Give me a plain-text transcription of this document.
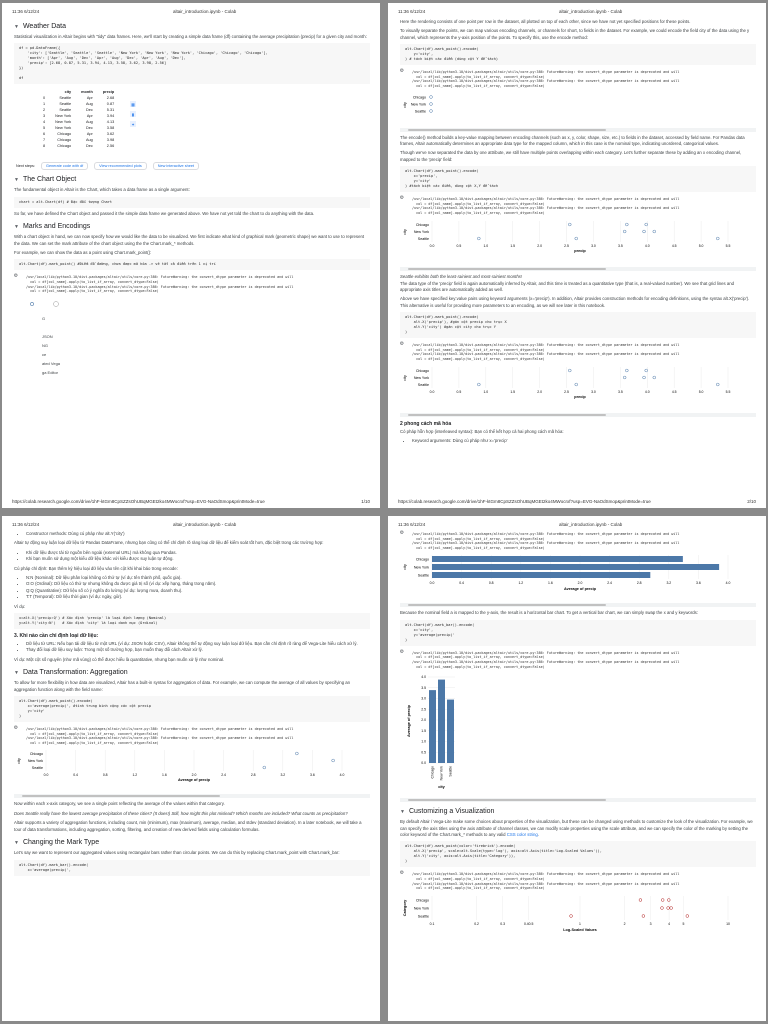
11:36 6/12/24	altair_introduction.ipynb - Colab
▼ Weather Data

Statistical visualization in Altair begins with "tidy" data frames. Here, we'll start by creating a simple data frame (df) containing the average precipitation (precip) for a given city and month:

df = pd.DataFrame({
'city': ['Seattle', 'Seattle', 'Seattle', 'New York', 'New York', 'New York', 'Chicago', 'Chicago', 'Chicago'],
'month': ['Apr', 'Aug', 'Dec', 'Apr', 'Aug', 'Dec', 'Apr', 'Aug', 'Dec'],
'precip': [2.68, 0.87, 5.31, 3.94, 4.13, 3.58, 3.62, 3.98, 2.56]
})

df
	city	month	precip
0	Seattle	Apr	2.68
1	Seattle	Aug	0.87
2	Seattle	Dec	5.31
3	New York	Apr	3.94
4	New York	Aug	4.13
5	New York	Dec	3.58
6	Chicago	Apr	3.62
7	Chicago	Aug	3.98
8	Chicago	Dec	2.56
▦
▮
✦
Next steps:	Generate code with df	View recommended plots	New interactive sheet
▼ The Chart Object

The fundamental object in Altair is the Chart, which takes a data frame as a single argument:

chart = alt.Chart(df) # Đặc đối tượng Chart

So far, we have defined the Chart object and passed it the simple data frame we generated above. We have not yet told the chart to do anything with the data.

▼ Marks and Encodings

With a chart object in hand, we can now specify how we would like the data to be visualized. We first indicate what kind of graphical mark (geometric shape) we want to use to represent the data. We can set the mark attribute of the chart object using the the Chart.mark_* methods.

For example, we can show the data as a point using Chart.mark_point():

alt.Chart(df).mark_point() #Điểm đồ đường, chưa được mã hóa -> vẽ tất cả điểm trên 1 vị trí
⚙ /usr/local/lib/python3.10/dist-packages/altair/utils/core.py:386: FutureWarning: the convert_dtype parameter is deprecated and will
col = df[col_name].apply(to_list_if_array, convert_dtype=False)
/usr/local/lib/python3.10/dist-packages/altair/utils/core.py:386: FutureWarning: the convert_dtype parameter is deprecated and will
col = df[col_name].apply(to_list_if_array, convert_dtype=False)
G
JSON
NG
ce
ated Vega
ga Editor
https://colab.research.google.com/drive/1hF-ktGm8CpSZZsOhUBqMGEt2ko4MWocrxf?usp=EVG-NaOdSmop&printMode=true	1/10
11:36 6/12/24	altair_introduction.ipynb - Colab

Here the rendering consists of one point per row in the dataset, all plotted on top of each other, since we have not yet specified positions for these points.

To visually separate the points, we can map various encoding channels, or channels for short, to fields in the dataset. For example, we could encode the field city of the data using the y channel, which represents the y-axis position of the points. To specify this, use the encode method:

alt.Chart(df).mark_point().encode(
y='city',
) # tách biệt các điểm (dùng cột Y để tách)
⚙ /usr/local/lib/python3.10/dist-packages/altair/utils/core.py:386: FutureWarning: the convert_dtype parameter is deprecated and will
col = df[col_name].apply(to_list_if_array, convert_dtype=False)
/usr/local/lib/python3.10/dist-packages/altair/utils/core.py:386: FutureWarning: the convert_dtype parameter is deprecated and will
col = df[col_name].apply(to_list_if_array, convert_dtype=False)
Chicago
New York
Seattle
city

The encode() method builds a key-value mapping between encoding channels (such as x, y, color, shape, size, etc.) to fields in the dataset, accessed by field name. For Pandas data frames, Altair automatically determines an appropriate data type for the mapped column, which in this case is the nominal type, indicating unordered, categorical values.

Though we've now separated the data by one attribute, we still have multiple points overlapping within each category. Let's further separate these by adding an x encoding channel, mapped to the 'precip' field:

alt.Chart(df).mark_point().encode(
x='precip',
y='city'
) #tách biệt các điểm, dùng cột X,Y để tách
⚙ /usr/local/lib/python3.10/dist-packages/altair/utils/core.py:386: FutureWarning: the convert_dtype parameter is deprecated and will
col = df[col_name].apply(to_list_if_array, convert_dtype=False)
/usr/local/lib/python3.10/dist-packages/altair/utils/core.py:386: FutureWarning: the convert_dtype parameter is deprecated and will
col = df[col_name].apply(to_list_if_array, convert_dtype=False)
0.0	0.5	1.0	1.5	2.0	2.5	3.0	3.5	4.0	4.5	5.0	5.5
precip
Chicago
New York
Seattle
city
Seattle exhibits both the least-rainiest and most-rainiest months!

The data type of the 'precip' field is again automatically inferred by Altair, and this time is treated as a quantitative type (that is, a real-valued number). We see that grid lines and appropriate axis titles are automatically added as well.

Above we have specified key:value pairs using keyword arguments (x='precip'). In addition, Altair provides construction methods for encoding definitions, using the syntax alt.X('precip'). This alternative is useful for providing more parameters to an encoding, as we will see later in this notebook.

alt.Chart(df).mark_point().encode(
alt.X('precip'), #gán cột precip cho trục X
alt.Y('city') #gán cột city cho trục Y
)
⚙ /usr/local/lib/python3.10/dist-packages/altair/utils/core.py:386: FutureWarning: the convert_dtype parameter is deprecated and will
col = df[col_name].apply(to_list_if_array, convert_dtype=False)
/usr/local/lib/python3.10/dist-packages/altair/utils/core.py:386: FutureWarning: the convert_dtype parameter is deprecated and will
col = df[col_name].apply(to_list_if_array, convert_dtype=False)
0.0	0.5	1.0	1.5	2.0	2.5	3.0	3.5	4.0	4.5	5.0	5.5
precip
Chicago
New York
Seattle
city
2 phong cách mã hóa

Có pháp hỗn hợp (interleaved syntax): Bạn có thể kết hợp cả hai phong cách mã hóa:

• Keyword arguments: Dùng cú pháp như x='precip'
https://colab.research.google.com/drive/1hF-ktGm8CpSZZsOhUBqMGEt2ko4MWocrxf?usp=EVG-NaOdSmop&printMode=true	2/10
11:36 6/12/24	altair_introduction.ipynb - Colab
• Constructor methods: Dùng cú pháp như alt.Y('city')

Altair tự động suy luận loại dữ liệu từ Pandas DataFrame, nhưng bạn cũng có thể chỉ định rõ ràng loại dữ liệu để kiểm soát tốt hơn, đặc biệt trong các trường hợp:

• Khi dữ liệu được tải từ nguồn bên ngoài (external URL) mà không qua Pandas.
• Khi bạn muốn sử dụng một kiểu dữ liệu khác với kiểu được suy luận tự động.

Cú pháp chỉ định: Bạn thêm ký hiệu loại dữ liệu vào tên cột khi khai báo trong encode:

• N:N (Nominal): Dữ liệu phân loại không có thứ tự (ví dụ: tên thành phố, quốc gia).
• O:O (Ordinal): Dữ liệu có thứ tự nhưng không đo được giá trị số (ví dụ: xếp hạng, tháng trong năm).
• Q:Q (Quantitative): Dữ liệu số có ý nghĩa đo lường (ví dụ: lượng mưa, doanh thu).
• T:T (Temporal): Dữ liệu thời gian (ví dụ: ngày, giờ).

Ví dụ:

x=alt.X('precip:Q') # Xác định 'precip' là loại định lượng (Nominal)
y=alt.Y('city:N')   # Xác định 'city' là loại danh mục (Ordinal)
3. Khi nào cần chỉ định loại dữ liệu:
• Dữ liệu từ URL: Nếu bạn tải dữ liệu từ một URL (ví dụ: JSON hoặc CSV), Altair không thể tự động suy luận loại dữ liệu. Bạn cần chỉ định rõ ràng để Vega-Lite hiểu cách xử lý.
• Thay đổi loại dữ liệu suy luận: Trong một số trường hợp, bạn muốn thay đổi cách Altair xử lý.

Ví dụ: Một cột số nguyên (như mã vùng) có thể được hiểu là quantitative, nhưng bạn muốn xử lý như nominal.

▼ Data Transformation: Aggregation

To allow for more flexibility in how data are visualized, Altair has a built-in syntax for aggregation of data. For example, we can compute the average of all values by specifying an aggregation function along with the field name:

alt.Chart(df).mark_point().encode(
x='average(precip)', #tính trung bình cộng các cột precip
y='city'
)
⚙ /usr/local/lib/python3.10/dist-packages/altair/utils/core.py:386: FutureWarning: the convert_dtype parameter is deprecated and will
col = df[col_name].apply(to_list_if_array, convert_dtype=False)
/usr/local/lib/python3.10/dist-packages/altair/utils/core.py:386: FutureWarning: the convert_dtype parameter is deprecated and will
col = df[col_name].apply(to_list_if_array, convert_dtype=False)
0.0	0.4	0.8	1.2	1.6	2.0	2.4	2.8	3.2	3.6	4.0
Average of precip
Chicago
New York
Seattle
city

Now within each x-axis category, we see a single point reflecting the average of the values within that category.

Does Seattle really have the lowest average precipitation of these cities? (It does!) Still, how might this plot mislead? Which months are included? What counts as precipitation?

Altair supports a variety of aggregation functions, including count, min (minimum), max (maximum), average, median, and stdev (standard deviation). In a later notebook, we will take a tour of data transformations, including aggregation, sorting, filtering, and creation of new derived fields using calculation formulas.

▼ Changing the Mark Type

Let's say we want to represent our aggregated values using rectangular bars rather than circular points. We can do this by replacing Chart.mark_point with Chart.mark_bar:

alt.Chart(df).mark_bar().encode(
x='average(precip)',
11:36 6/12/24	altair_introduction.ipynb - Colab
⚙ /usr/local/lib/python3.10/dist-packages/altair/utils/core.py:386: FutureWarning: the convert_dtype parameter is deprecated and will
col = df[col_name].apply(to_list_if_array, convert_dtype=False)
/usr/local/lib/python3.10/dist-packages/altair/utils/core.py:386: FutureWarning: the convert_dtype parameter is deprecated and will
col = df[col_name].apply(to_list_if_array, convert_dtype=False)
0.0	0.4	0.8	1.2	1.6	2.0	2.4	2.8	3.2	3.6	4.0
Average of precip
Chicago
New York
Seattle
city

Because the nominal field a is mapped to the y-axis, the result is a horizontal bar chart. To get a vertical bar chart, we can simply swap the x and y keywords:

alt.Chart(df).mark_bar().encode(
x='city',
y='average(precip)'
)
⚙ /usr/local/lib/python3.10/dist-packages/altair/utils/core.py:386: FutureWarning: the convert_dtype parameter is deprecated and will
col = df[col_name].apply(to_list_if_array, convert_dtype=False)
/usr/local/lib/python3.10/dist-packages/altair/utils/core.py:386: FutureWarning: the convert_dtype parameter is deprecated and will
col = df[col_name].apply(to_list_if_array, convert_dtype=False)
0.0
0.5
1.0
1.5
2.0
2.5
3.0
3.5
4.0
Average of precip
Chicago New York Seattle
city
▼ Customizing a Visualization

By default Altair / Vega-Lite make some choices about properties of the visualization, but these can be changed using methods to customize the look of the visualization. For example, we can specify the axis titles using the axis attribute of channel classes, we can modify scale properties using the scale attribute, and we can specify the color of the marking by setting the color keyword of the Chart.mark_* methods to any valid CSS color string.

alt.Chart(df).mark_point(color='firebrick').encode(
alt.X('precip', scale=alt.Scale(type='log'), axis=alt.Axis(title='Log-Scaled Values')),
alt.Y('city', axis=alt.Axis(title='Category')),
)
⚙ /usr/local/lib/python3.10/dist-packages/altair/utils/core.py:386: FutureWarning: the convert_dtype parameter is deprecated and will
col = df[col_name].apply(to_list_if_array, convert_dtype=False)
/usr/local/lib/python3.10/dist-packages/altair/utils/core.py:386: FutureWarning: the convert_dtype parameter is deprecated and will
col = df[col_name].apply(to_list_if_array, convert_dtype=False)
0.1	0.2	0.3	0.40.5	1	2	3	4	5	10
Log-Scaled Values
Chicago
New York
Seattle
Category
